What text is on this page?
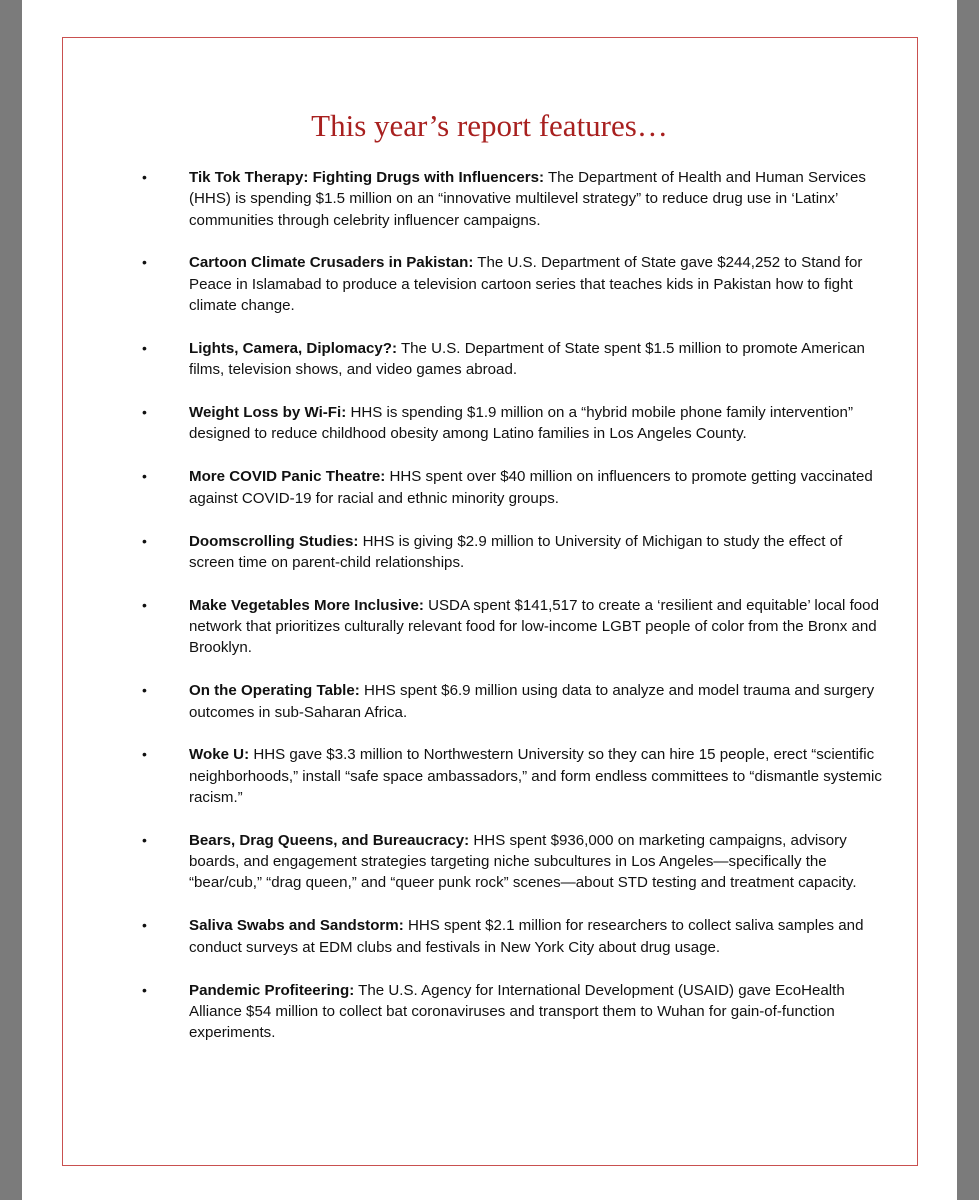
This year’s report features…
•	Tik Tok Therapy: Fighting Drugs with Influencers: The Department of Health and Human Services (HHS) is spending $1.5 million on an “innovative multilevel strategy” to reduce drug use in ‘Latinx’ communities through celebrity influencer campaigns.
•	Cartoon Climate Crusaders in Pakistan: The U.S. Department of State gave $244,252 to Stand for Peace in Islamabad to produce a television cartoon series that teaches kids in Pakistan how to fight climate change.
•	Lights, Camera, Diplomacy?: The U.S. Department of State spent $1.5 million to promote American films, television shows, and video games abroad.
•	Weight Loss by Wi-Fi: HHS is spending $1.9 million on a “hybrid mobile phone family intervention” designed to reduce childhood obesity among Latino families in Los Angeles County.
•	More COVID Panic Theatre: HHS spent over $40 million on influencers to promote getting vaccinated against COVID-19 for racial and ethnic minority groups.
•	Doomscrolling Studies: HHS is giving $2.9 million to University of Michigan to study the effect of screen time on parent-child relationships.
•	Make Vegetables More Inclusive: USDA spent $141,517 to create a ‘resilient and equitable’ local food network that prioritizes culturally relevant food for low-income LGBT people of color from the Bronx and Brooklyn.
•	On the Operating Table: HHS spent $6.9 million using data to analyze and model trauma and surgery outcomes in sub-Saharan Africa.
•	Woke U: HHS gave $3.3 million to Northwestern University so they can hire 15 people, erect “scientific neighborhoods,” install “safe space ambassadors,” and form endless committees to “dismantle systemic racism.”
•	Bears, Drag Queens, and Bureaucracy: HHS spent $936,000 on marketing campaigns, advisory boards, and engagement strategies targeting niche subcultures in Los Angeles—specifically the “bear/cub,” “drag queen,” and “queer punk rock” scenes—about STD testing and treatment capacity.
•	Saliva Swabs and Sandstorm: HHS spent $2.1 million for researchers to collect saliva samples and conduct surveys at EDM clubs and festivals in New York City about drug usage.
•	Pandemic Profiteering: The U.S. Agency for International Development (USAID) gave EcoHealth Alliance $54 million to collect bat coronaviruses and transport them to Wuhan for gain-of-function experiments.
